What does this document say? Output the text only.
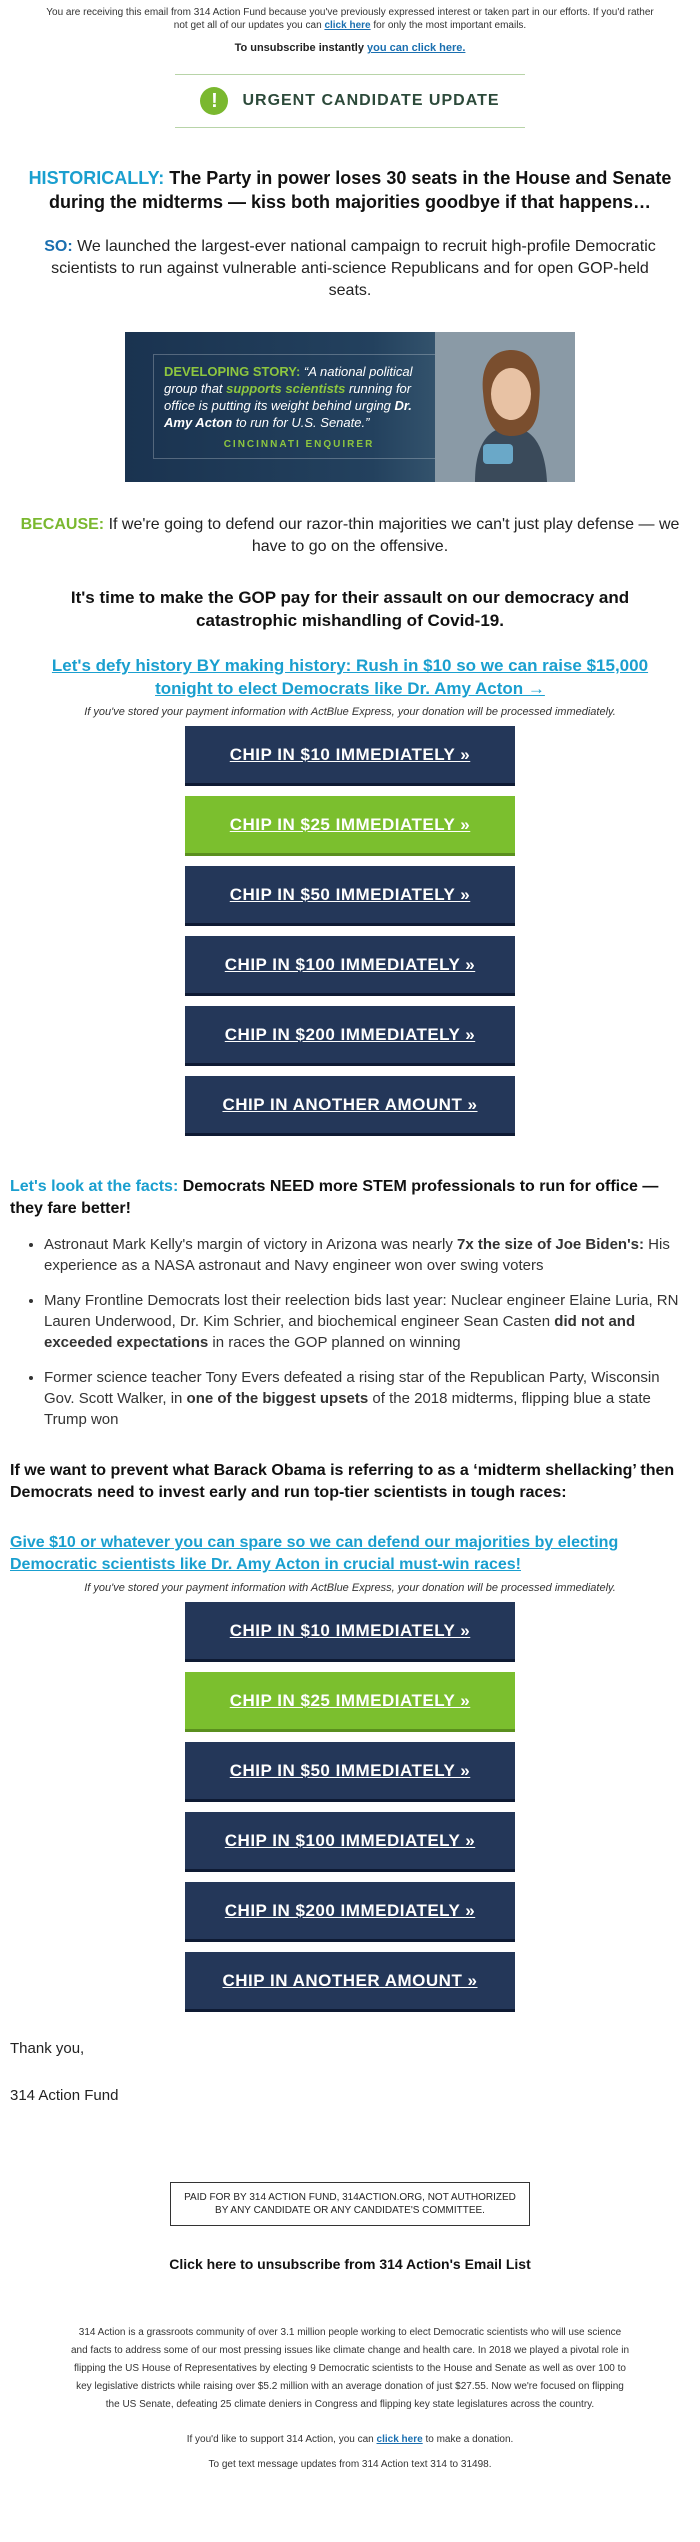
You are receiving this email from 314 Action Fund because you've previously expressed interest or taken part in our efforts. If you'd rather not get all of our updates you can click here for only the most important emails.
To unsubscribe instantly you can click here.
!	URGENT CANDIDATE UPDATE
HISTORICALLY: The Party in power loses 30 seats in the House and Senate during the midterms — kiss both majorities goodbye if that happens…
SO: We launched the largest-ever national campaign to recruit high-profile Democratic scientists to run against vulnerable anti-science Republicans and for open GOP-held seats.
DEVELOPING STORY: “A national political group that supports scientists running for office is putting its weight behind urging Dr. Amy Acton to run for U.S. Senate.”
CINCINNATI ENQUIRER
BECAUSE: If we're going to defend our razor-thin majorities we can't just play defense — we have to go on the offensive.
It's time to make the GOP pay for their assault on our democracy and catastrophic mishandling of Covid-19.
Let's defy history BY making history: Rush in $10 so we can raise $15,000 tonight to elect Democrats like Dr. Amy Acton →
If you've stored your payment information with ActBlue Express, your donation will be processed immediately.
CHIP IN $10 IMMEDIATELY »
CHIP IN $25 IMMEDIATELY »
CHIP IN $50 IMMEDIATELY »
CHIP IN $100 IMMEDIATELY »
CHIP IN $200 IMMEDIATELY »
CHIP IN ANOTHER AMOUNT »
Let's look at the facts: Democrats NEED more STEM professionals to run for office — they fare better!
• Astronaut Mark Kelly's margin of victory in Arizona was nearly 7x the size of Joe Biden's: His experience as a NASA astronaut and Navy engineer won over swing voters
• Many Frontline Democrats lost their reelection bids last year: Nuclear engineer Elaine Luria, RN Lauren Underwood, Dr. Kim Schrier, and biochemical engineer Sean Casten did not and exceeded expectations in races the GOP planned on winning
• Former science teacher Tony Evers defeated a rising star of the Republican Party, Wisconsin Gov. Scott Walker, in one of the biggest upsets of the 2018 midterms, flipping blue a state Trump won
If we want to prevent what Barack Obama is referring to as a ‘midterm shellacking’ then Democrats need to invest early and run top-tier scientists in tough races:
Give $10 or whatever you can spare so we can defend our majorities by electing Democratic scientists like Dr. Amy Acton in crucial must-win races!
If you've stored your payment information with ActBlue Express, your donation will be processed immediately.
CHIP IN $10 IMMEDIATELY »
CHIP IN $25 IMMEDIATELY »
CHIP IN $50 IMMEDIATELY »
CHIP IN $100 IMMEDIATELY »
CHIP IN $200 IMMEDIATELY »
CHIP IN ANOTHER AMOUNT »
Thank you,
314 Action Fund
PAID FOR BY 314 ACTION FUND, 314ACTION.ORG, NOT AUTHORIZED BY ANY CANDIDATE OR ANY CANDIDATE'S COMMITTEE.
Click here to unsubscribe from 314 Action's Email List
314 Action is a grassroots community of over 3.1 million people working to elect Democratic scientists who will use science and facts to address some of our most pressing issues like climate change and health care. In 2018 we played a pivotal role in flipping the US House of Representatives by electing 9 Democratic scientists to the House and Senate as well as over 100 to key legislative districts while raising over $5.2 million with an average donation of just $27.55. Now we're focused on flipping the US Senate, defeating 25 climate deniers in Congress and flipping key state legislatures across the country.
If you'd like to support 314 Action, you can click here to make a donation.
To get text message updates from 314 Action text 314 to 31498.
